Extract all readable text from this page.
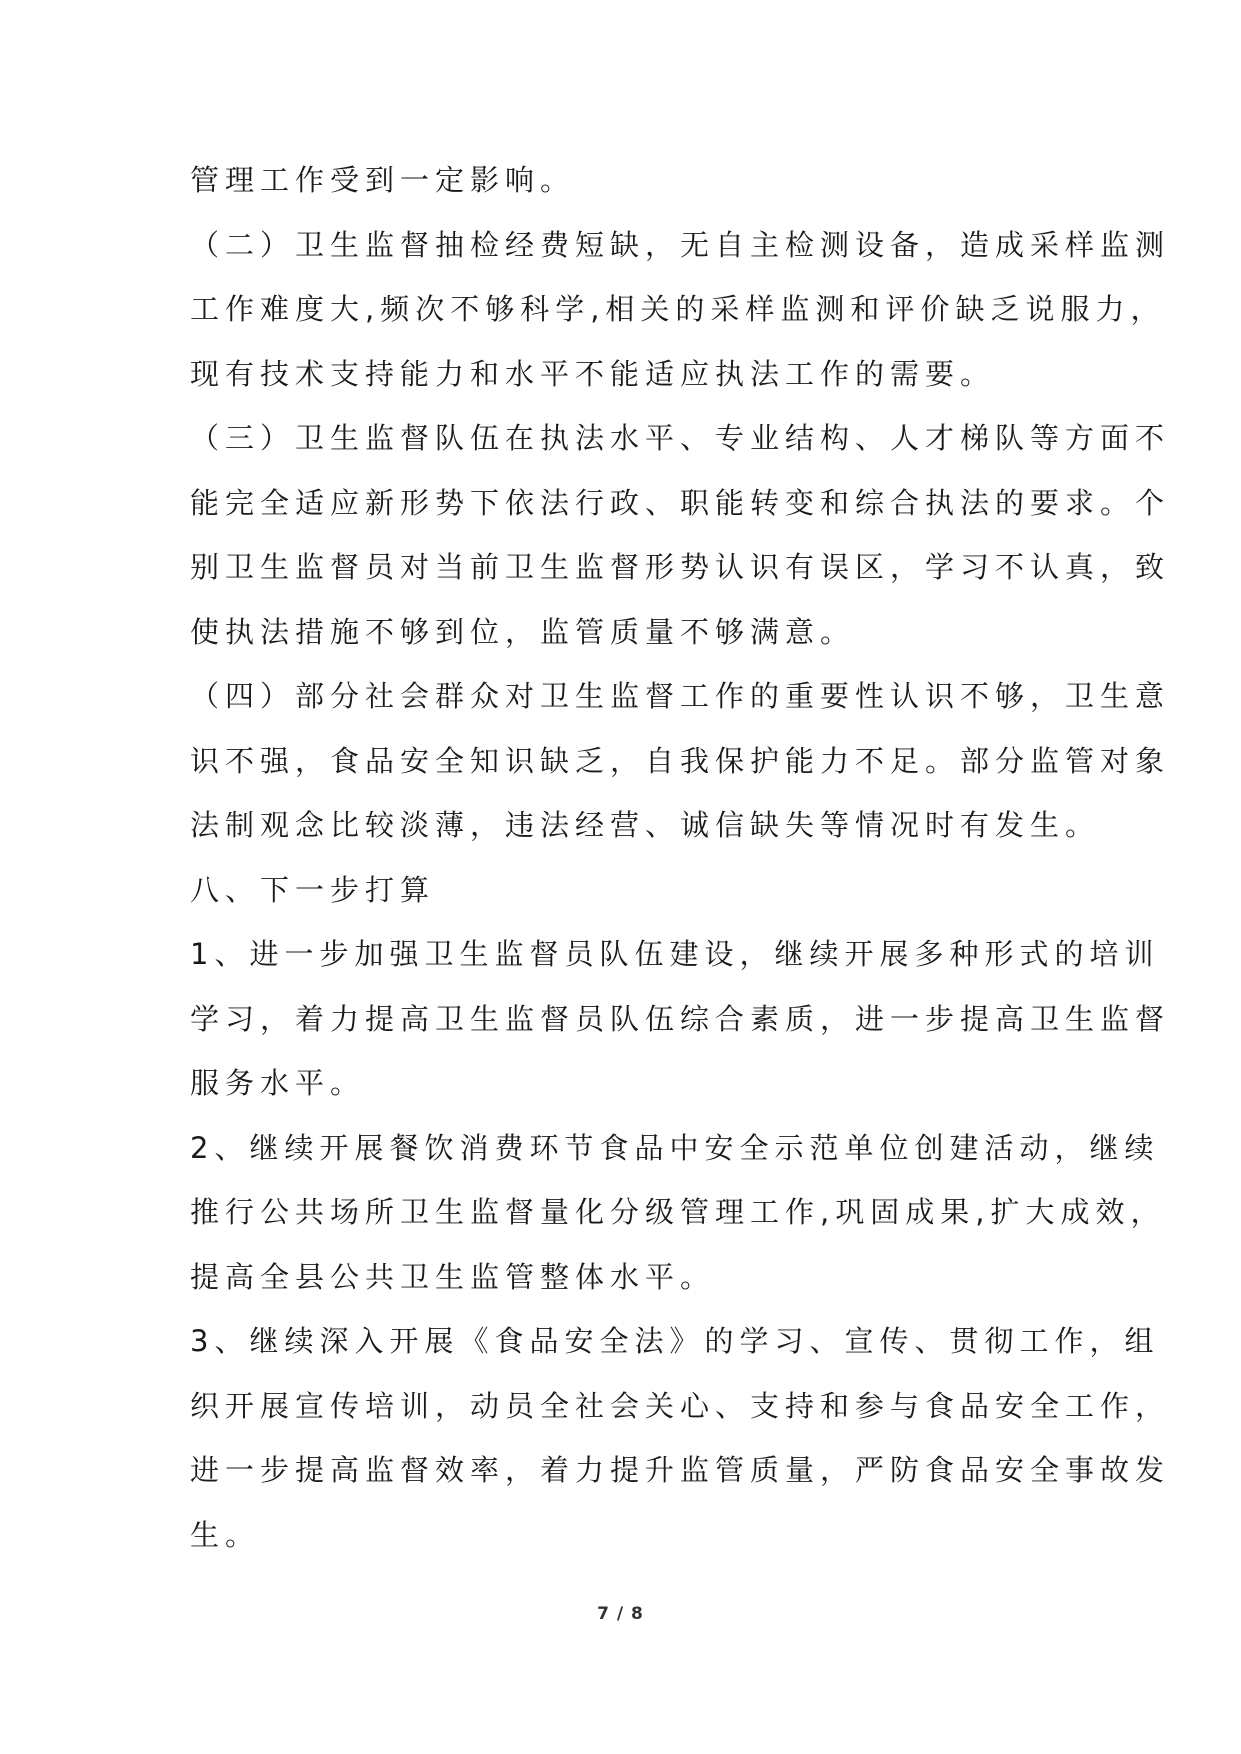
管理工作受到一定影响。
（二）卫生监督抽检经费短缺，无自主检测设备，造成采样监测
工作难度大,频次不够科学,相关的采样监测和评价缺乏说服力，
现有技术支持能力和水平不能适应执法工作的需要。
（三）卫生监督队伍在执法水平、专业结构、人才梯队等方面不
能完全适应新形势下依法行政、职能转变和综合执法的要求。个
别卫生监督员对当前卫生监督形势认识有误区，学习不认真，致
使执法措施不够到位，监管质量不够满意。
（四）部分社会群众对卫生监督工作的重要性认识不够，卫生意
识不强，食品安全知识缺乏，自我保护能力不足。部分监管对象
法制观念比较淡薄，违法经营、诚信缺失等情况时有发生。
八、下一步打算
1、进一步加强卫生监督员队伍建设，继续开展多种形式的培训
学习，着力提高卫生监督员队伍综合素质，进一步提高卫生监督
服务水平。
2、继续开展餐饮消费环节食品中安全示范单位创建活动，继续
推行公共场所卫生监督量化分级管理工作,巩固成果,扩大成效，
提高全县公共卫生监管整体水平。
3、继续深入开展《食品安全法》的学习、宣传、贯彻工作，组
织开展宣传培训，动员全社会关心、支持和参与食品安全工作，
进一步提高监督效率，着力提升监管质量，严防食品安全事故发
生。
7 / 8
